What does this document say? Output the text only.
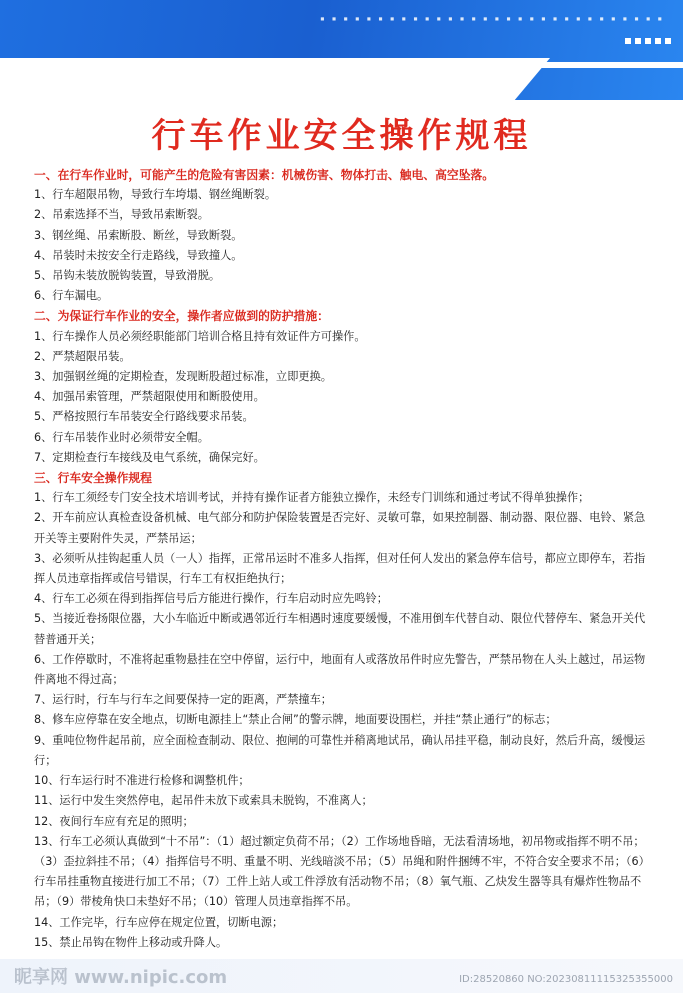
▪ ▪ ▪ ▪ ▪ ▪ ▪ ▪ ▪ ▪ ▪ ▪ ▪ ▪ ▪ ▪ ▪ ▪ ▪ ▪ ▪ ▪ ▪ ▪ ▪ ▪ ▪ ▪ ▪ ▪
▪ ▪ ▪ ▪ ▪ ▪ ▪ ▪ ▪ ▪ ▪ ▪ ▪ ▪ ▪ ▪ ▪
行车作业安全操作规程
一、在行车作业时，可能产生的危险有害因素：机械伤害、物体打击、触电、高空坠落。
1、行车超限吊物，导致行车垮塌、钢丝绳断裂。
2、吊索选择不当，导致吊索断裂。
3、钢丝绳、吊索断股、断丝，导致断裂。
4、吊装时未按安全行走路线，导致撞人。
5、吊钩未装放脱钩装置，导致滑脱。
6、行车漏电。
二、为保证行车作业的安全，操作者应做到的防护措施：
1、行车操作人员必须经职能部门培训合格且持有效证件方可操作。
2、严禁超限吊装。
3、加强钢丝绳的定期检查，发现断股超过标准，立即更换。
4、加强吊索管理，严禁超限使用和断股使用。
5、严格按照行车吊装安全行路线要求吊装。
6、行车吊装作业时必须带安全帽。
7、定期检查行车接线及电气系统，确保完好。
三、行车安全操作规程
1、行车工须经专门安全技术培训考试，并持有操作证者方能独立操作，未经专门训练和通过考试不得单独操作；
2、开车前应认真检查设备机械、电气部分和防护保险装置是否完好、灵敏可靠，如果控制器、制动器、限位器、电铃、紧急开关等主要附件失灵，严禁吊运；
3、必须听从挂钩起重人员（一人）指挥，正常吊运时不准多人指挥，但对任何人发出的紧急停车信号，都应立即停车，若指挥人员违章指挥或信号错误，行车工有权拒绝执行；
4、行车工必须在得到指挥信号后方能进行操作，行车启动时应先鸣铃；
5、当接近卷扬限位器，大小车临近中断或遇邻近行车相遇时速度要缓慢，不准用倒车代替自动、限位代替停车、紧急开关代替普通开关；
6、工作停歇时，不准将起重物悬挂在空中停留，运行中，地面有人或落放吊件时应先警告，严禁吊物在人头上越过，吊运物件离地不得过高；
7、运行时，行车与行车之间要保持一定的距离，严禁撞车；
8、修车应停靠在安全地点，切断电源挂上“禁止合闸”的警示牌，地面要设围栏，并挂“禁止通行”的标志；
9、重吨位物件起吊前，应全面检查制动、限位、抱闸的可靠性并稍离地试吊，确认吊挂平稳，制动良好，然后升高，缓慢运行；
10、行车运行时不准进行检修和调整机件；
11、运行中发生突然停电，起吊件未放下或索具未脱钩，不准离人；
12、夜间行车应有充足的照明；
13、行车工必须认真做到“十不吊”：（1）超过额定负荷不吊；（2）工作场地昏暗，无法看清场地，初吊物或指挥不明不吊；（3）歪拉斜挂不吊；（4）指挥信号不明、重量不明、光线暗淡不吊；（5）吊绳和附件捆缚不牢，不符合安全要求不吊；（6）行车吊挂重物直接进行加工不吊；（7）工件上站人或工件浮放有活动物不吊；（8）氧气瓶、乙炔发生器等具有爆炸性物品不吊；（9）带棱角快口未垫好不吊；（10）管理人员违章指挥不吊。
14、工作完毕，行车应停在规定位置，切断电源；
15、禁止吊钩在物件上移动或升降人。
昵享网 www.nipic.com	ID:28520860 NO:20230811115325355000
